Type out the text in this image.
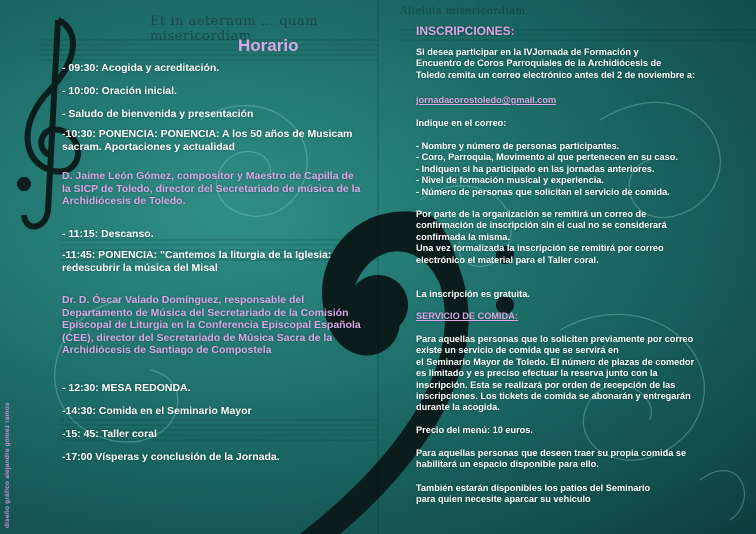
Et in aeternum ... quam misericordiam
Horario
- 09:30: Acogida y acreditación.
- 10:00: Oración inicial.
- Saludo de bienvenida y presentación
-10:30: PONENCIA: PONENCIA: A los 50 años de Musicam sacram. Aportaciones y actualidad
D. Jaime León Gómez, compositor y Maestro de Capilla de la SICP de Toledo, director del Secretariado de música de la Archidiócesis de Toledo.
- 11:15: Descanso.
-11:45: PONENCIA: "Cantemos la liturgia de la Iglesia: redescubrir la música del Misal
Dr. D. Óscar Valado Domínguez, responsable del Departamento de Música del Secretariado de la Comisión Episcopal de Liturgia en la Conferencia Episcopal Española (CEE), director del Secretariado de Música Sacra de la Archidiócesis de Santiago de Compostela
- 12:30: MESA REDONDA.
-14:30: Comida en el Seminario Mayor
-15: 45: Taller coral
-17:00 Vísperas y conclusión de la Jornada.
diseño gráfico alejandra gómez ramos
Alleluia misericordiam
INSCRIPCIONES:
Si desea participar en la IVJornada de Formación y
Encuentro de Coros Parroquiales de la Archidiócesis de
Toledo remita un correo electrónico antes del 2 de noviembre a:
jornadacorostoledo@gmail.com
Indique en el correo:
- Nombre y número de personas participantes.
- Coro, Parroquia, Movimento al que pertenecen en su caso.
- Indiquen si ha participado en las jornadas anteriores.
- Nivel de formación musical y experiencia.
- Número de personas que solicitan el servicio de comida.
Por parte de la organización se remitirá un correo de
confirmación de inscripción sin el cual no se considerará
confirmada la misma.
Una vez formalizada la inscripción se remitirá por correo
electrónico el material para el Taller coral.
La inscripción es gratuita.
SERVICIO DE COMIDA:
Para aquellas personas que lo soliciten previamente por correo
existe un servicio de comida que se servirá en
el Seminario Mayor de Toledo. El número de plazas de comedor
es limitado y es preciso efectuar la reserva junto con la
inscripción. Esta se realizará por orden de recepción de las
inscripciones. Los tickets de comida se abonarán y entregarán
durante la acogida.
Precio del menú: 10 euros.
Para aquellas personas que deseen traer su propia comida se
habilitará un espacio disponible para ello.
También estarán disponibles los patios del Seminario
para quien necesite aparcar su vehículo
